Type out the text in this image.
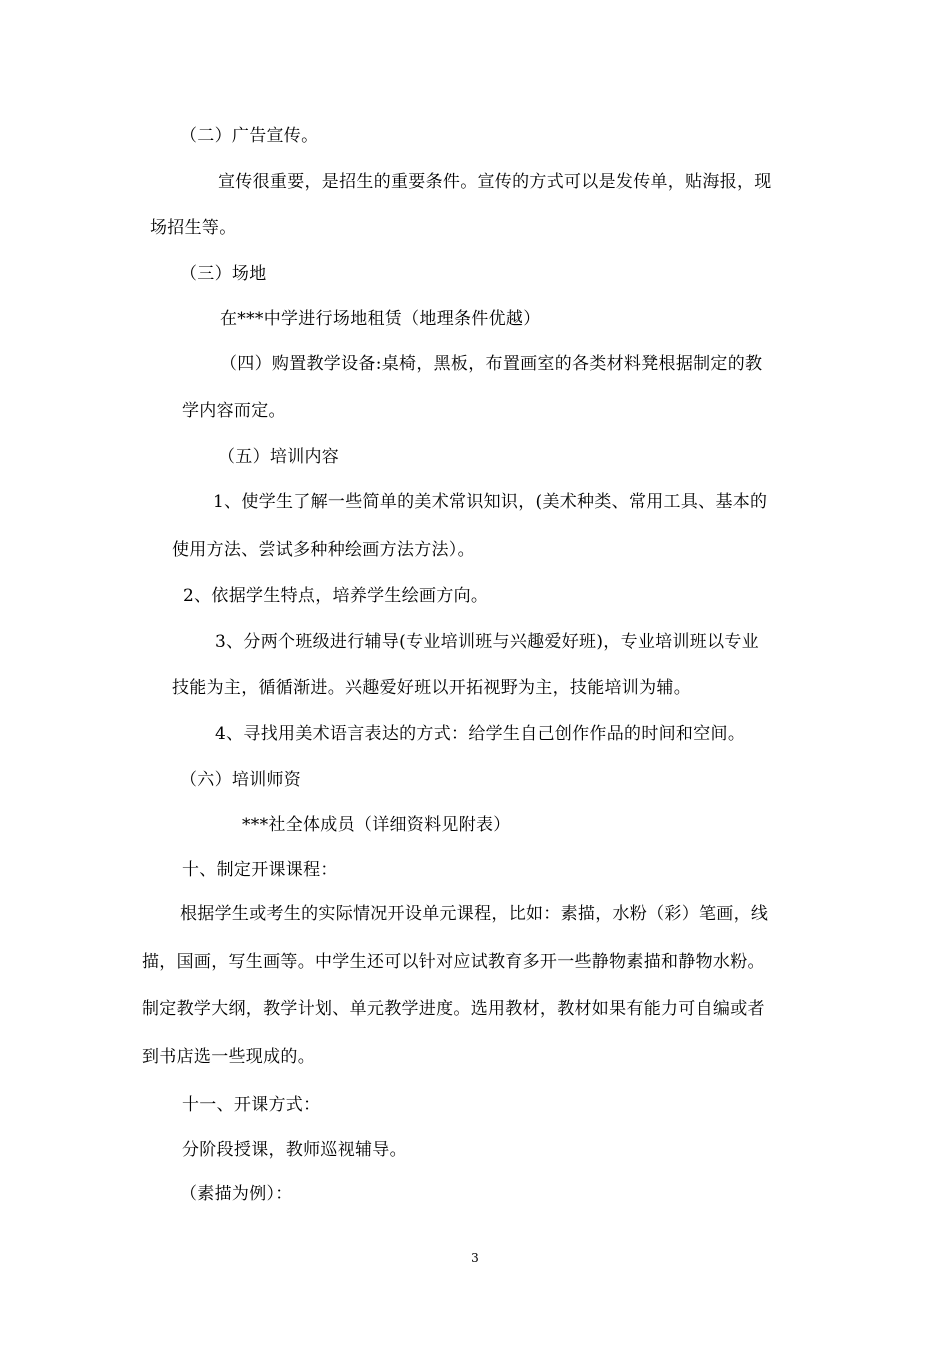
（二）广告宣传。
宣传很重要，是招生的重要条件。宣传的方式可以是发传单，贴海报，现
场招生等。
（三）场地
在***中学进行场地租赁（地理条件优越）
（四）购置教学设备:桌椅，黑板，布置画室的各类材料凳根据制定的教
学内容而定。
（五）培训内容
1、使学生了解一些简单的美术常识知识，(美术种类、常用工具、基本的
使用方法、尝试多种种绘画方法方法）。
2、依据学生特点，培养学生绘画方向。
3、分两个班级进行辅导(专业培训班与兴趣爱好班)，专业培训班以专业
技能为主，循循渐进。兴趣爱好班以开拓视野为主，技能培训为辅。
4、寻找用美术语言表达的方式：给学生自己创作作品的时间和空间。
（六）培训师资
***社全体成员（详细资料见附表）
十、制定开课课程：
根据学生或考生的实际情况开设单元课程，比如：素描，水粉（彩）笔画，线
描，国画，写生画等。中学生还可以针对应试教育多开一些静物素描和静物水粉。
制定教学大纲，教学计划、单元教学进度。选用教材，教材如果有能力可自编或者
到书店选一些现成的。
十一、开课方式：
分阶段授课，教师巡视辅导。
（素描为例）：
3
